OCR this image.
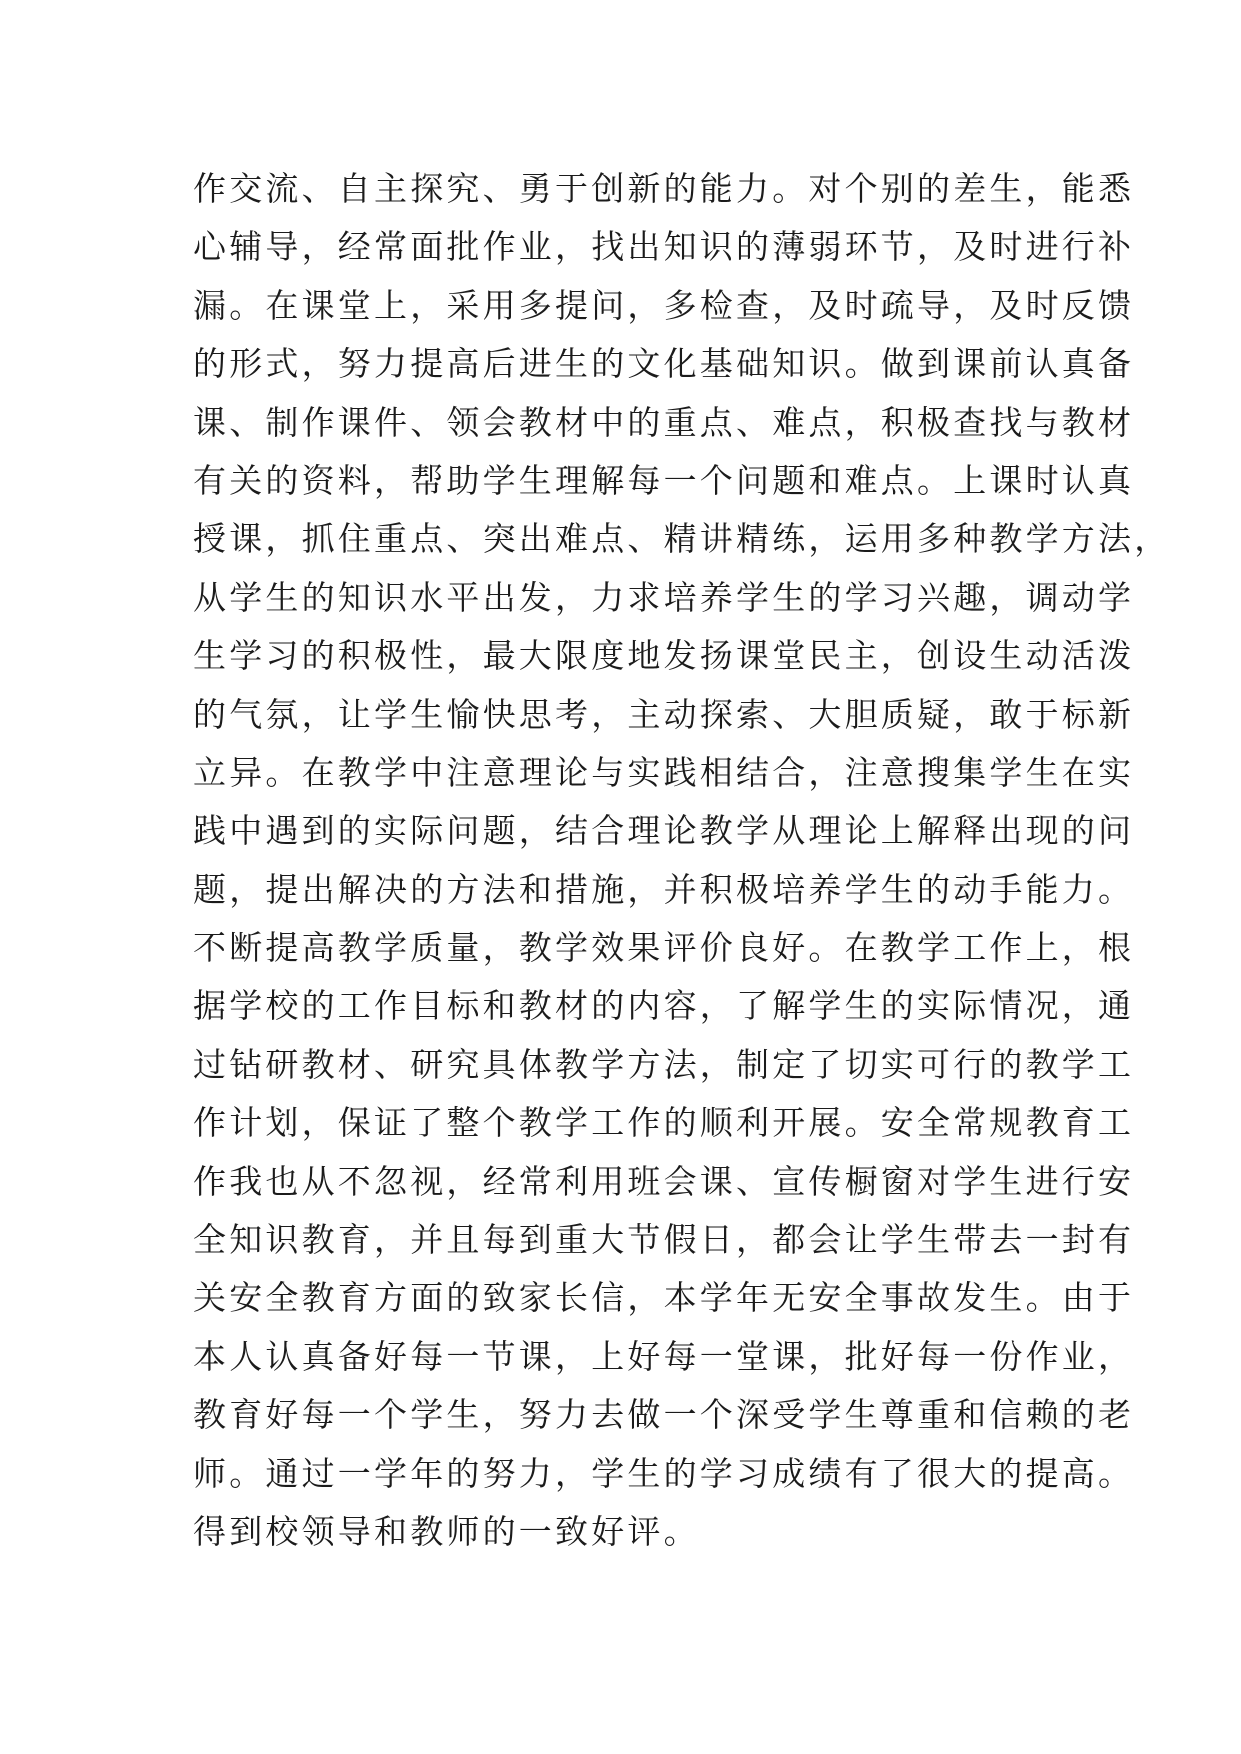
作交流、自主探究、勇于创新的能力。对个别的差生，能悉
心辅导，经常面批作业，找出知识的薄弱环节，及时进行补
漏。在课堂上，采用多提问，多检查，及时疏导，及时反馈
的形式，努力提高后进生的文化基础知识。做到课前认真备
课、制作课件、领会教材中的重点、难点，积极查找与教材
有关的资料，帮助学生理解每一个问题和难点。上课时认真
授课，抓住重点、突出难点、精讲精练，运用多种教学方法，
从学生的知识水平出发，力求培养学生的学习兴趣，调动学
生学习的积极性，最大限度地发扬课堂民主，创设生动活泼
的气氛，让学生愉快思考，主动探索、大胆质疑，敢于标新
立异。在教学中注意理论与实践相结合，注意搜集学生在实
践中遇到的实际问题，结合理论教学从理论上解释出现的问
题，提出解决的方法和措施，并积极培养学生的动手能力。
不断提高教学质量，教学效果评价良好。在教学工作上，根
据学校的工作目标和教材的内容，了解学生的实际情况，通
过钻研教材、研究具体教学方法，制定了切实可行的教学工
作计划，保证了整个教学工作的顺利开展。安全常规教育工
作我也从不忽视，经常利用班会课、宣传橱窗对学生进行安
全知识教育，并且每到重大节假日，都会让学生带去一封有
关安全教育方面的致家长信，本学年无安全事故发生。由于
本人认真备好每一节课，上好每一堂课，批好每一份作业，
教育好每一个学生，努力去做一个深受学生尊重和信赖的老
师。通过一学年的努力，学生的学习成绩有了很大的提高。
得到校领导和教师的一致好评。
